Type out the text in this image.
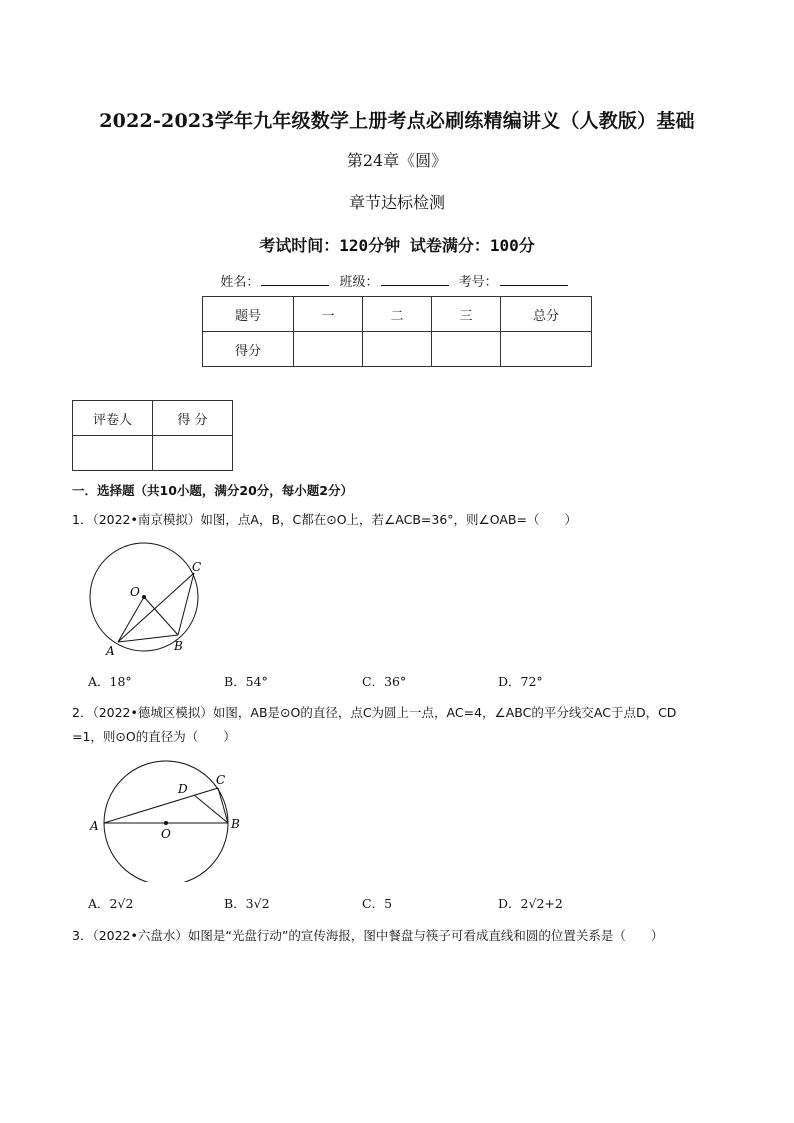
2022-2023学年九年级数学上册考点必刷练精编讲义（人教版）基础
第24章《圆》
章节达标检测
考试时间：120分钟 试卷满分：100分
姓名：	班级：	考号：
题号	一	二	三	总分
得分				
评卷人	得 分

一．选择题（共10小题，满分20分，每小题2分）
1．（2022•南京模拟）如图，点A，B，C都在⊙O上，若∠ACB=36°，则∠OAB=（　　）
O
C
A	B
A．18°	B．54°	C．36°	D．72°
2．（2022•德城区模拟）如图，AB是⊙O的直径，点C为圆上一点，AC=4，∠ABC的平分线交AC于点D，CD
=1，则⊙O的直径为（　　）
D
C
A
O
B
A．2√2	B．3√2	C．5	D．2√2+2
3．（2022•六盘水）如图是“光盘行动”的宣传海报，图中餐盘与筷子可看成直线和圆的位置关系是（　　）
